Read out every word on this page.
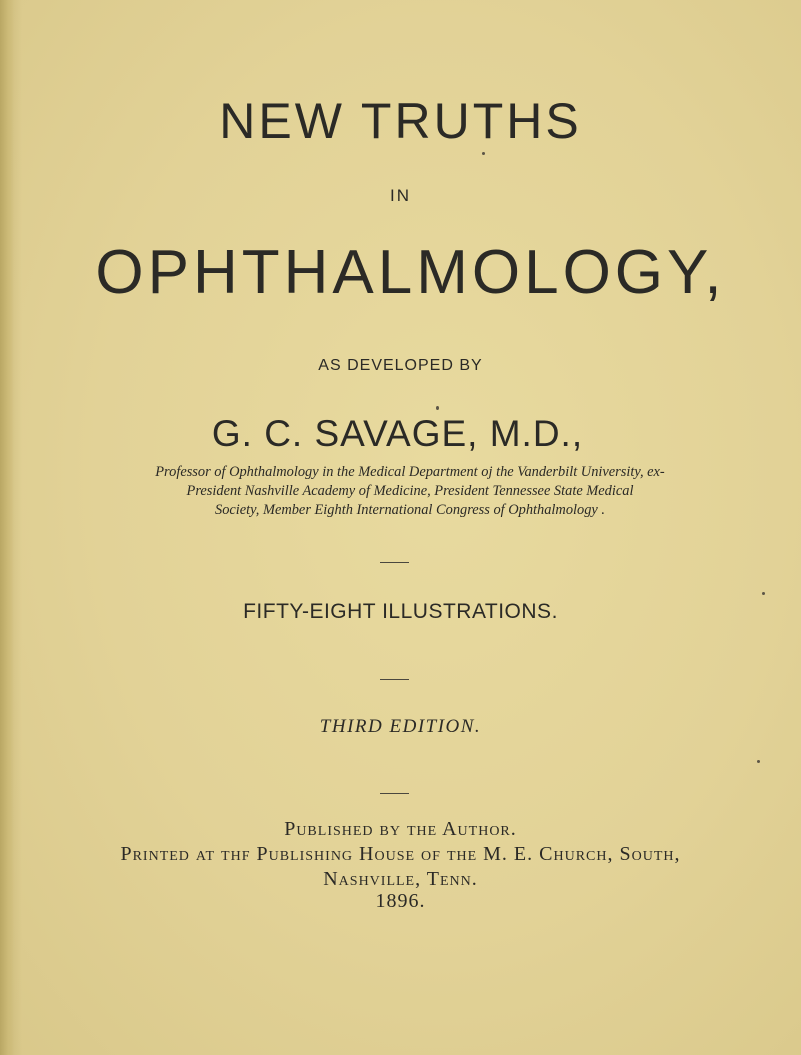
NEW TRUTHS
IN
OPHTHALMOLOGY,
AS DEVELOPED BY
G. C. SAVAGE, M.D.,
Professor of Ophthalmology in the Medical Department oj the Vanderbilt University, ex-
President Nashville Academy of Medicine, President Tennessee State Medical
Society, Member Eighth International Congress of Ophthalmology .
FIFTY-EIGHT ILLUSTRATIONS.
THIRD EDITION.
Published by the Author.
Printed at thf Publishing House of the M. E. Church, South,
Nashville, Tenn.
1896.
